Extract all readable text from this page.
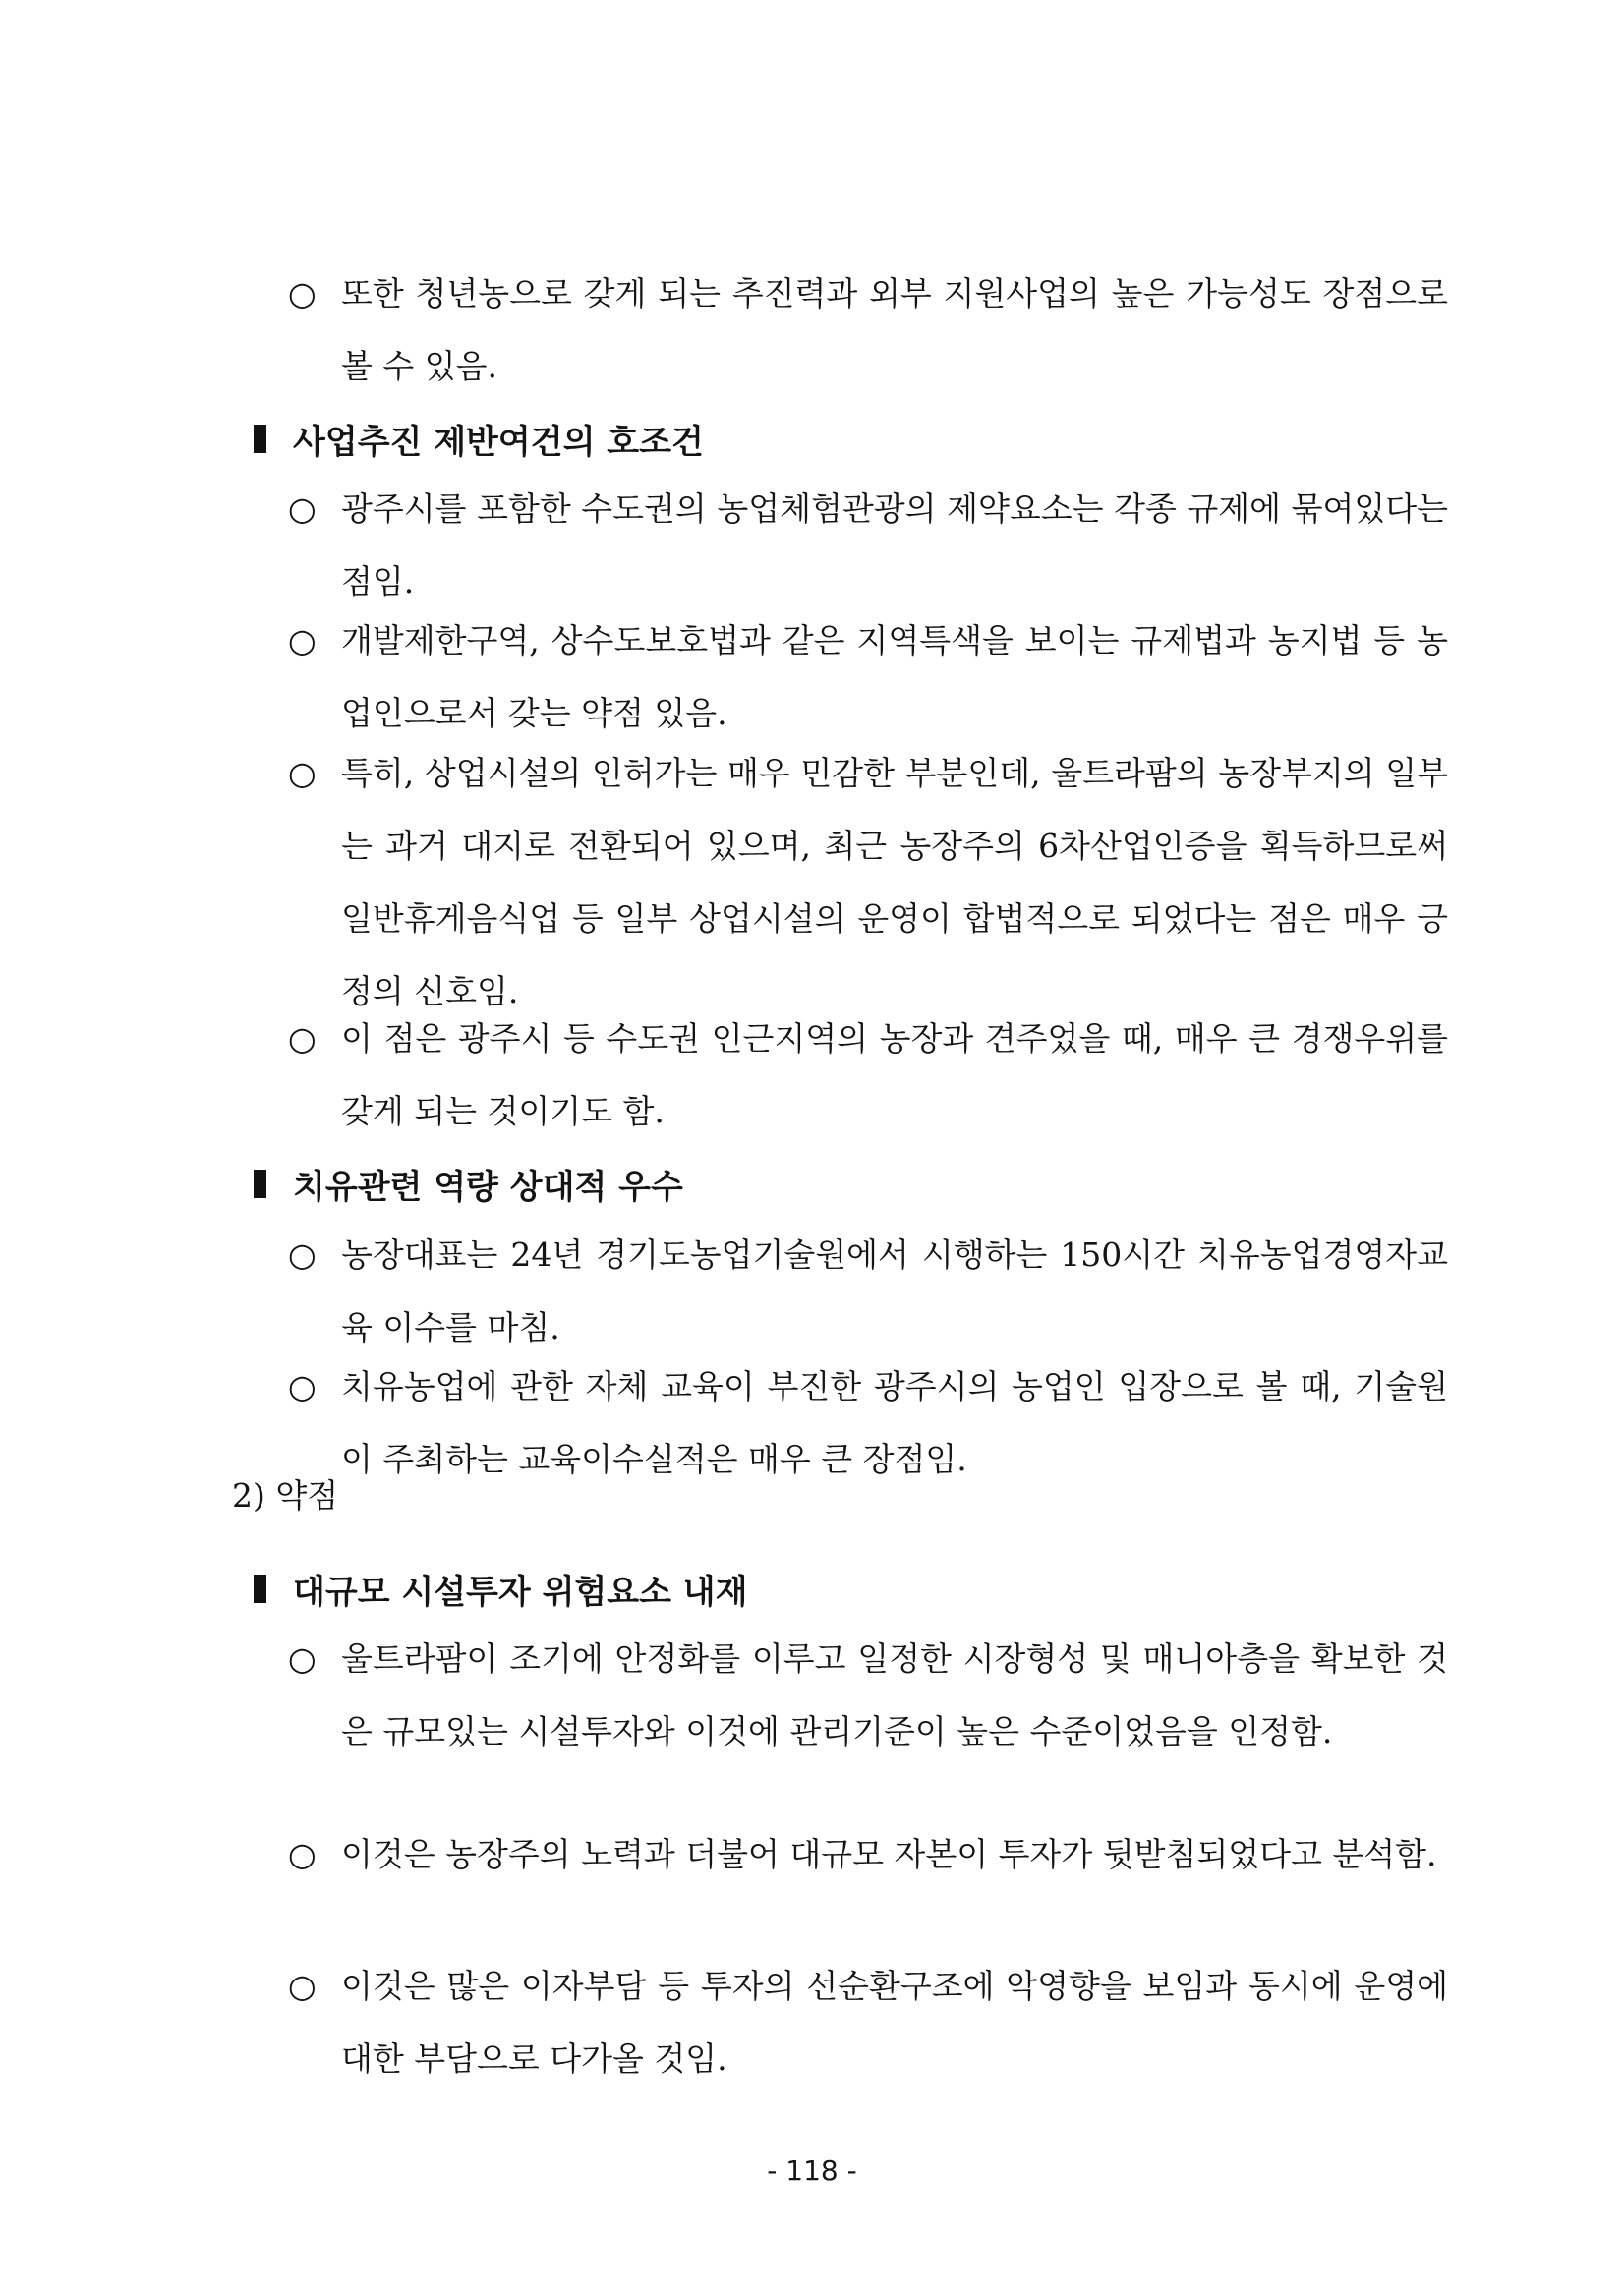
○ 또한 청년농으로 갖게 되는 추진력과 외부 지원사업의 높은 가능성도 장점으로 볼 수 있음.
사업추진 제반여건의 호조건
○ 광주시를 포함한 수도권의 농업체험관광의 제약요소는 각종 규제에 묶여있다는 점임.
○ 개발제한구역, 상수도보호법과 같은 지역특색을 보이는 규제법과 농지법 등 농업인으로서 갖는 약점 있음.
○ 특히, 상업시설의 인허가는 매우 민감한 부분인데, 울트라팜의 농장부지의 일부는 과거 대지로 전환되어 있으며, 최근 농장주의 6차산업인증을 획득하므로써 일반휴게음식업 등 일부 상업시설의 운영이 합법적으로 되었다는 점은 매우 긍정의 신호임.
○ 이 점은 광주시 등 수도권 인근지역의 농장과 견주었을 때, 매우 큰 경쟁우위를 갖게 되는 것이기도 함.
치유관련 역량 상대적 우수
○ 농장대표는 24년 경기도농업기술원에서 시행하는 150시간 치유농업경영자교육 이수를 마침.
○ 치유농업에 관한 자체 교육이 부진한 광주시의 농업인 입장으로 볼 때, 기술원이 주최하는 교육이수실적은 매우 큰 장점임.
2) 약점
대규모 시설투자 위험요소 내재
○ 울트라팜이 조기에 안정화를 이루고 일정한 시장형성 및 매니아층을 확보한 것은 규모있는 시설투자와 이것에 관리기준이 높은 수준이었음을 인정함.
○ 이것은 농장주의 노력과 더불어 대규모 자본이 투자가 뒷받침되었다고 분석함.
○ 이것은 많은 이자부담 등 투자의 선순환구조에 악영향을 보임과 동시에 운영에 대한 부담으로 다가올 것임.
- 118 -
